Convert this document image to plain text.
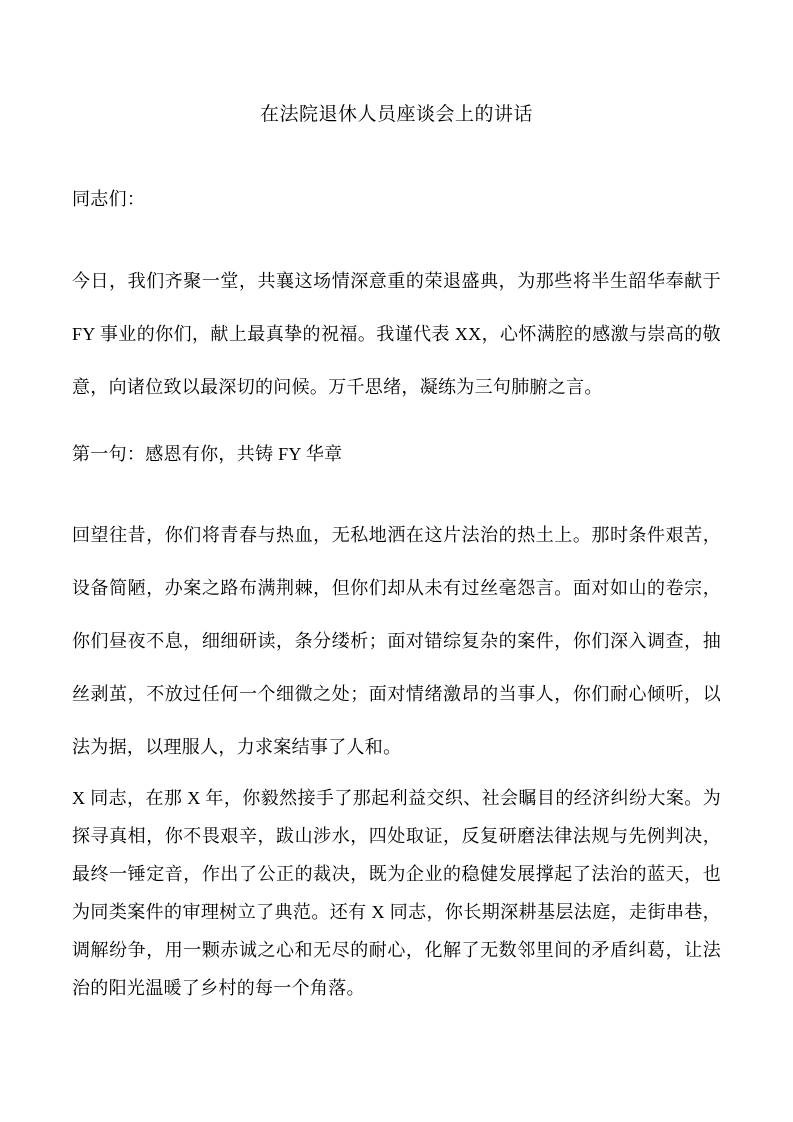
在法院退休人员座谈会上的讲话

同志们：

今日，我们齐聚一堂，共襄这场情深意重的荣退盛典，为那些将半生韶华奉献于 FY 事业的你们，献上最真挚的祝福。我谨代表 XX，心怀满腔的感激与崇高的敬意，向诸位致以最深切的问候。万千思绪，凝练为三句肺腑之言。

第一句：感恩有你，共铸 FY 华章

回望往昔，你们将青春与热血，无私地洒在这片法治的热土上。那时条件艰苦，设备简陋，办案之路布满荆棘，但你们却从未有过丝毫怨言。面对如山的卷宗，你们昼夜不息，细细研读，条分缕析；面对错综复杂的案件，你们深入调查，抽丝剥茧，不放过任何一个细微之处；面对情绪激昂的当事人，你们耐心倾听，以法为据，以理服人，力求案结事了人和。

X 同志，在那 X 年，你毅然接手了那起利益交织、社会瞩目的经济纠纷大案。为探寻真相，你不畏艰辛，跋山涉水，四处取证，反复研磨法律法规与先例判决，最终一锤定音，作出了公正的裁决，既为企业的稳健发展撑起了法治的蓝天，也为同类案件的审理树立了典范。还有 X 同志，你长期深耕基层法庭，走街串巷，调解纷争，用一颗赤诚之心和无尽的耐心，化解了无数邻里间的矛盾纠葛，让法治的阳光温暖了乡村的每一个角落。
